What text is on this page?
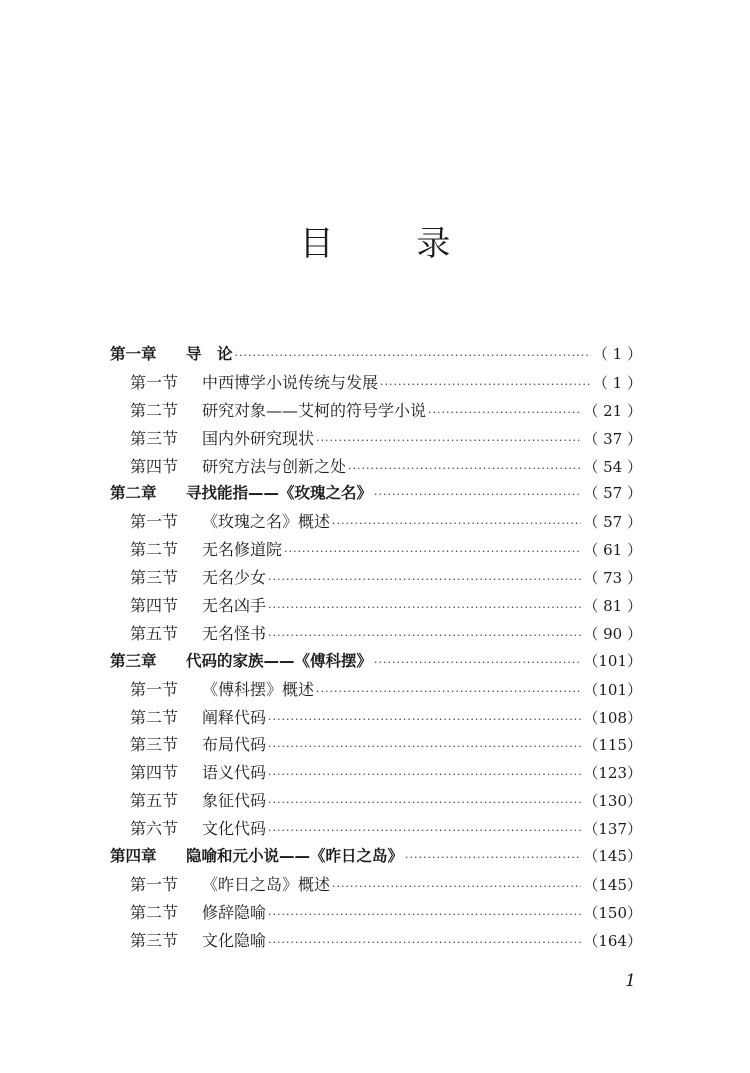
目 录
第一章	导　论 ·····	（ 1 ）
第一节	中西博学小说传统与发展 ·····	（ 1 ）
第二节	研究对象——艾柯的符号学小说 ·····	（ 21 ）
第三节	国内外研究现状 ·····	（ 37 ）
第四节	研究方法与创新之处 ·····	（ 54 ）
第二章	寻找能指——《玫瑰之名》 ·····	（ 57 ）
第一节	《玫瑰之名》概述 ·····	（ 57 ）
第二节	无名修道院 ·····	（ 61 ）
第三节	无名少女 ·····	（ 73 ）
第四节	无名凶手 ·····	（ 81 ）
第五节	无名怪书 ·····	（ 90 ）
第三章	代码的家族——《傅科摆》 ·····	（101）
第一节	《傅科摆》概述 ·····	（101）
第二节	阐释代码 ·····	（108）
第三节	布局代码 ·····	（115）
第四节	语义代码 ·····	（123）
第五节	象征代码 ·····	（130）
第六节	文化代码 ·····	（137）
第四章	隐喻和元小说——《昨日之岛》 ·····	（145）
第一节	《昨日之岛》概述 ·····	（145）
第二节	修辞隐喻 ·····	（150）
第三节	文化隐喻 ·····	（164）

1
